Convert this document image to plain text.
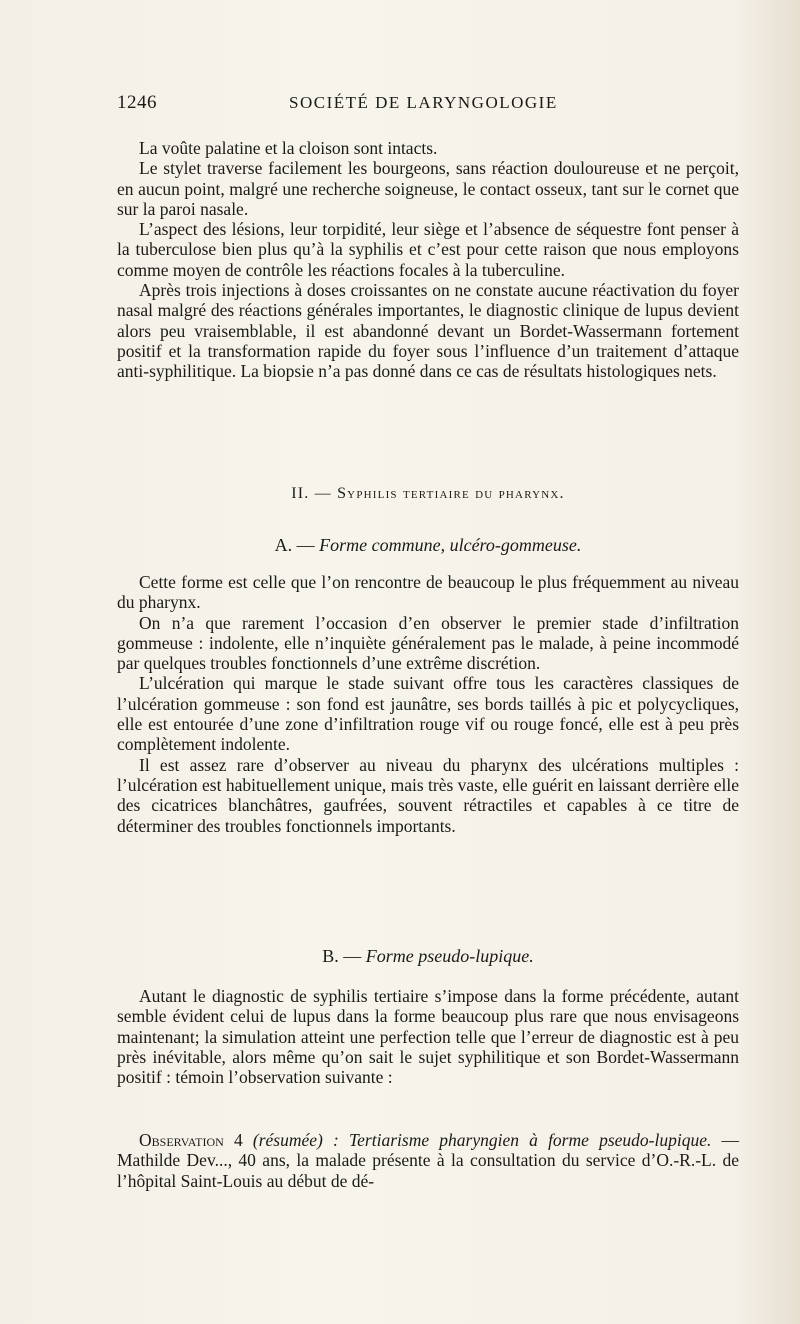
1246	SOCIÉTÉ DE LARYNGOLOGIE

La voûte palatine et la cloison sont intacts.

Le stylet traverse facilement les bourgeons, sans réaction douloureuse et ne perçoit, en aucun point, malgré une recherche soigneuse, le contact osseux, tant sur le cornet que sur la paroi nasale.

L’aspect des lésions, leur torpidité, leur siège et l’absence de séquestre font penser à la tuberculose bien plus qu’à la syphilis et c’est pour cette raison que nous employons comme moyen de contrôle les réactions focales à la tuberculine.

Après trois injections à doses croissantes on ne constate aucune réactivation du foyer nasal malgré des réactions générales importantes, le diagnostic clinique de lupus devient alors peu vraisemblable, il est abandonné devant un Bordet-Wassermann fortement positif et la transformation rapide du foyer sous l’influence d’un traitement d’attaque anti-syphilitique. La biopsie n’a pas donné dans ce cas de résultats histologiques nets.

II. — Syphilis tertiaire du pharynx.
A. — Forme commune, ulcéro-gommeuse.

Cette forme est celle que l’on rencontre de beaucoup le plus fréquemment au niveau du pharynx.

On n’a que rarement l’occasion d’en observer le premier stade d’infiltration gommeuse : indolente, elle n’inquiète généralement pas le malade, à peine incommodé par quelques troubles fonctionnels d’une extrême discrétion.

L’ulcération qui marque le stade suivant offre tous les caractères classiques de l’ulcération gommeuse : son fond est jaunâtre, ses bords taillés à pic et polycycliques, elle est entourée d’une zone d’infiltration rouge vif ou rouge foncé, elle est à peu près complètement indolente.

Il est assez rare d’observer au niveau du pharynx des ulcérations multiples : l’ulcération est habituellement unique, mais très vaste, elle guérit en laissant derrière elle des cicatrices blanchâtres, gaufrées, souvent rétractiles et capables à ce titre de déterminer des troubles fonctionnels importants.

B. — Forme pseudo-lupique.

Autant le diagnostic de syphilis tertiaire s’impose dans la forme précédente, autant semble évident celui de lupus dans la forme beaucoup plus rare que nous envisageons maintenant; la simulation atteint une perfection telle que l’erreur de diagnostic est à peu près inévitable, alors même qu’on sait le sujet syphilitique et son Bordet-Wassermann positif : témoin l’observation suivante :

Observation 4 (résumée) : Tertiarisme pharyngien à forme pseudo-lupique. — Mathilde Dev..., 40 ans, la malade présente à la consultation du service d’O.-R.-L. de l’hôpital Saint-Louis au début de dé-
